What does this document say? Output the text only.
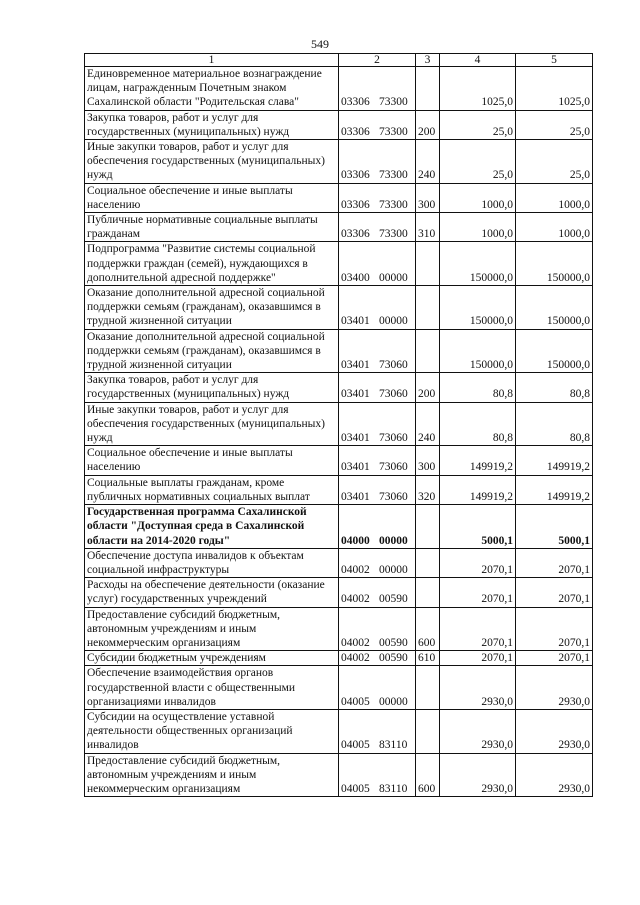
549
1	2	3	4	5
Единовременное материальное вознаграждение лицам, награжденным Почетным знаком Сахалинской области "Родительская слава"	03306 73300		1025,0	1025,0
Закупка товаров, работ и услуг для государственных (муниципальных) нужд	03306 73300	200	25,0	25,0
Иные закупки товаров, работ и услуг для обеспечения государственных (муниципальных) нужд	03306 73300	240	25,0	25,0
Социальное обеспечение и иные выплаты населению	03306 73300	300	1000,0	1000,0
Публичные нормативные социальные выплаты гражданам	03306 73300	310	1000,0	1000,0
Подпрограмма "Развитие системы социальной поддержки граждан (семей), нуждающихся в дополнительной адресной поддержке"	03400 00000		150000,0	150000,0
Оказание дополнительной адресной социальной поддержки семьям (гражданам), оказавшимся в трудной жизненной ситуации	03401 00000		150000,0	150000,0
Оказание дополнительной адресной социальной поддержки семьям (гражданам), оказавшимся в трудной жизненной ситуации	03401 73060		150000,0	150000,0
Закупка товаров, работ и услуг для государственных (муниципальных) нужд	03401 73060	200	80,8	80,8
Иные закупки товаров, работ и услуг для обеспечения государственных (муниципальных) нужд	03401 73060	240	80,8	80,8
Социальное обеспечение и иные выплаты населению	03401 73060	300	149919,2	149919,2
Социальные выплаты гражданам, кроме публичных нормативных социальных выплат	03401 73060	320	149919,2	149919,2
Государственная программа Сахалинской области "Доступная среда в Сахалинской области на 2014-2020 годы"	04000 00000		5000,1	5000,1
Обеспечение доступа инвалидов к объектам социальной инфраструктуры	04002 00000		2070,1	2070,1
Расходы на обеспечение деятельности (оказание услуг) государственных учреждений	04002 00590		2070,1	2070,1
Предоставление субсидий бюджетным, автономным учреждениям и иным некоммерческим организациям	04002 00590	600	2070,1	2070,1
Субсидии бюджетным учреждениям	04002 00590	610	2070,1	2070,1
Обеспечение взаимодействия органов государственной власти с общественными организациями инвалидов	04005 00000		2930,0	2930,0
Субсидии на осуществление уставной деятельности общественных организаций инвалидов	04005 83110		2930,0	2930,0
Предоставление субсидий бюджетным, автономным учреждениям и иным некоммерческим организациям	04005 83110	600	2930,0	2930,0
